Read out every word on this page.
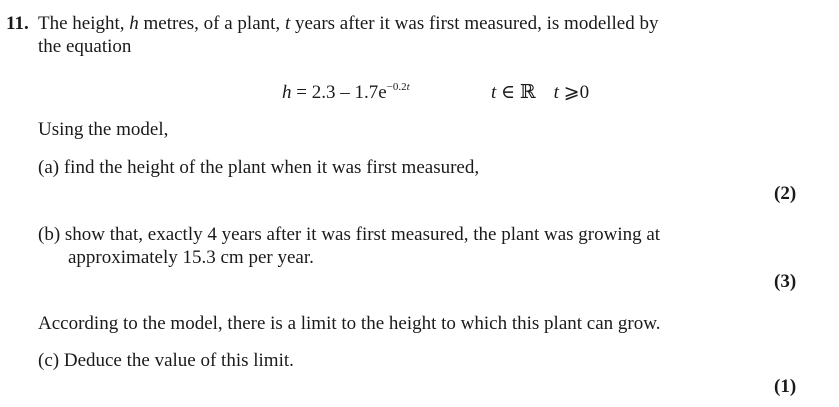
11. The height, h metres, of a plant, t years after it was first measured, is modelled by
the equation
$h = 2.3 - 1.7e^{-0.2t}$	t ∈ ℝ t ⩾0
Using the model,
(a) find the height of the plant when it was first measured,
(2)
(b) show that, exactly 4 years after it was first measured, the plant was growing at
approximately 15.3 cm per year.
(3)
According to the model, there is a limit to the height to which this plant can grow.
(c) Deduce the value of this limit.
(1)
